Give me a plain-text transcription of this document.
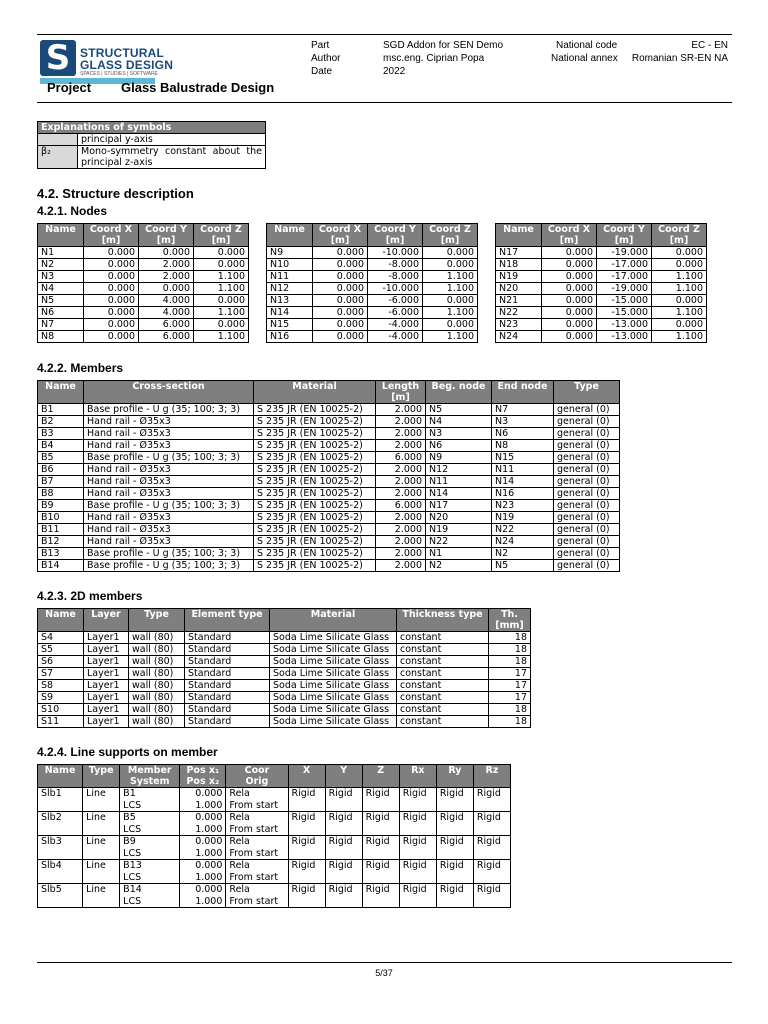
S STRUCTURAL
GLASS DESIGN
SPACES | STUDIES | SOFTWARE
Project Glass Balustrade Design
Part	SGD Addon for SEN Demo
Author	msc.eng. Ciprian Popa
Date	2022
National code	EC - EN
National annex Romanian SR-EN NA
Explanations of symbols	
	principal y-axis
β₂	Mono-symmetry constant about the principal z-axis
4.2. Structure description
4.2.1. Nodes
Name	Coord X [m]	Coord Y [m]	Coord Z [m]
N1	0.000	0.000	0.000
N2	0.000	2.000	0.000
N3	0.000	2.000	1.100
N4	0.000	0.000	1.100
N5	0.000	4.000	0.000
N6	0.000	4.000	1.100
N7	0.000	6.000	0.000
N8	0.000	6.000	1.100
Name	Coord X [m]	Coord Y [m]	Coord Z [m]
N9	0.000	-10.000	0.000
N10	0.000	-8.000	0.000
N11	0.000	-8.000	1.100
N12	0.000	-10.000	1.100
N13	0.000	-6.000	0.000
N14	0.000	-6.000	1.100
N15	0.000	-4.000	0.000
N16	0.000	-4.000	1.100
Name	Coord X [m]	Coord Y [m]	Coord Z [m]
N17	0.000	-19.000	0.000
N18	0.000	-17.000	0.000
N19	0.000	-17.000	1.100
N20	0.000	-19.000	1.100
N21	0.000	-15.000	0.000
N22	0.000	-15.000	1.100
N23	0.000	-13.000	0.000
N24	0.000	-13.000	1.100
4.2.2. Members
Name	Cross-section	Material	Length [m]	Beg. node	End node	Type
B1	Base profile - U g (35; 100; 3; 3)	S 235 JR (EN 10025-2)	2.000	N5	N7	general (0)
B2	Hand rail - Ø35x3	S 235 JR (EN 10025-2)	2.000	N4	N3	general (0)
B3	Hand rail - Ø35x3	S 235 JR (EN 10025-2)	2.000	N3	N6	general (0)
B4	Hand rail - Ø35x3	S 235 JR (EN 10025-2)	2.000	N6	N8	general (0)
B5	Base profile - U g (35; 100; 3; 3)	S 235 JR (EN 10025-2)	6.000	N9	N15	general (0)
B6	Hand rail - Ø35x3	S 235 JR (EN 10025-2)	2.000	N12	N11	general (0)
B7	Hand rail - Ø35x3	S 235 JR (EN 10025-2)	2.000	N11	N14	general (0)
B8	Hand rail - Ø35x3	S 235 JR (EN 10025-2)	2.000	N14	N16	general (0)
B9	Base profile - U g (35; 100; 3; 3)	S 235 JR (EN 10025-2)	6.000	N17	N23	general (0)
B10	Hand rail - Ø35x3	S 235 JR (EN 10025-2)	2.000	N20	N19	general (0)
B11	Hand rail - Ø35x3	S 235 JR (EN 10025-2)	2.000	N19	N22	general (0)
B12	Hand rail - Ø35x3	S 235 JR (EN 10025-2)	2.000	N22	N24	general (0)
B13	Base profile - U g (35; 100; 3; 3)	S 235 JR (EN 10025-2)	2.000	N1	N2	general (0)
B14	Base profile - U g (35; 100; 3; 3)	S 235 JR (EN 10025-2)	2.000	N2	N5	general (0)
4.2.3. 2D members
Name	Layer	Type	Element type	Material	Thickness type	Th. [mm]
S4	Layer1	wall (80)	Standard	Soda Lime Silicate Glass	constant	18
S5	Layer1	wall (80)	Standard	Soda Lime Silicate Glass	constant	18
S6	Layer1	wall (80)	Standard	Soda Lime Silicate Glass	constant	18
S7	Layer1	wall (80)	Standard	Soda Lime Silicate Glass	constant	17
S8	Layer1	wall (80)	Standard	Soda Lime Silicate Glass	constant	17
S9	Layer1	wall (80)	Standard	Soda Lime Silicate Glass	constant	17
S10	Layer1	wall (80)	Standard	Soda Lime Silicate Glass	constant	18
S11	Layer1	wall (80)	Standard	Soda Lime Silicate Glass	constant	18
4.2.4. Line supports on member
Name	Type	Member	Pos x₁	Coor	X	Y	Z	Rx	Ry	Rz
		System	Pos x₂	Orig						
Slb1	Line	B1	0.000	Rela	Rigid	Rigid	Rigid	Rigid	Rigid	Rigid
		LCS	1.000	From start						
Slb2	Line	B5	0.000	Rela	Rigid	Rigid	Rigid	Rigid	Rigid	Rigid
		LCS	1.000	From start						
Slb3	Line	B9	0.000	Rela	Rigid	Rigid	Rigid	Rigid	Rigid	Rigid
		LCS	1.000	From start						
Slb4	Line	B13	0.000	Rela	Rigid	Rigid	Rigid	Rigid	Rigid	Rigid
		LCS	1.000	From start						
Slb5	Line	B14	0.000	Rela	Rigid	Rigid	Rigid	Rigid	Rigid	Rigid
		LCS	1.000	From start						
5/37
